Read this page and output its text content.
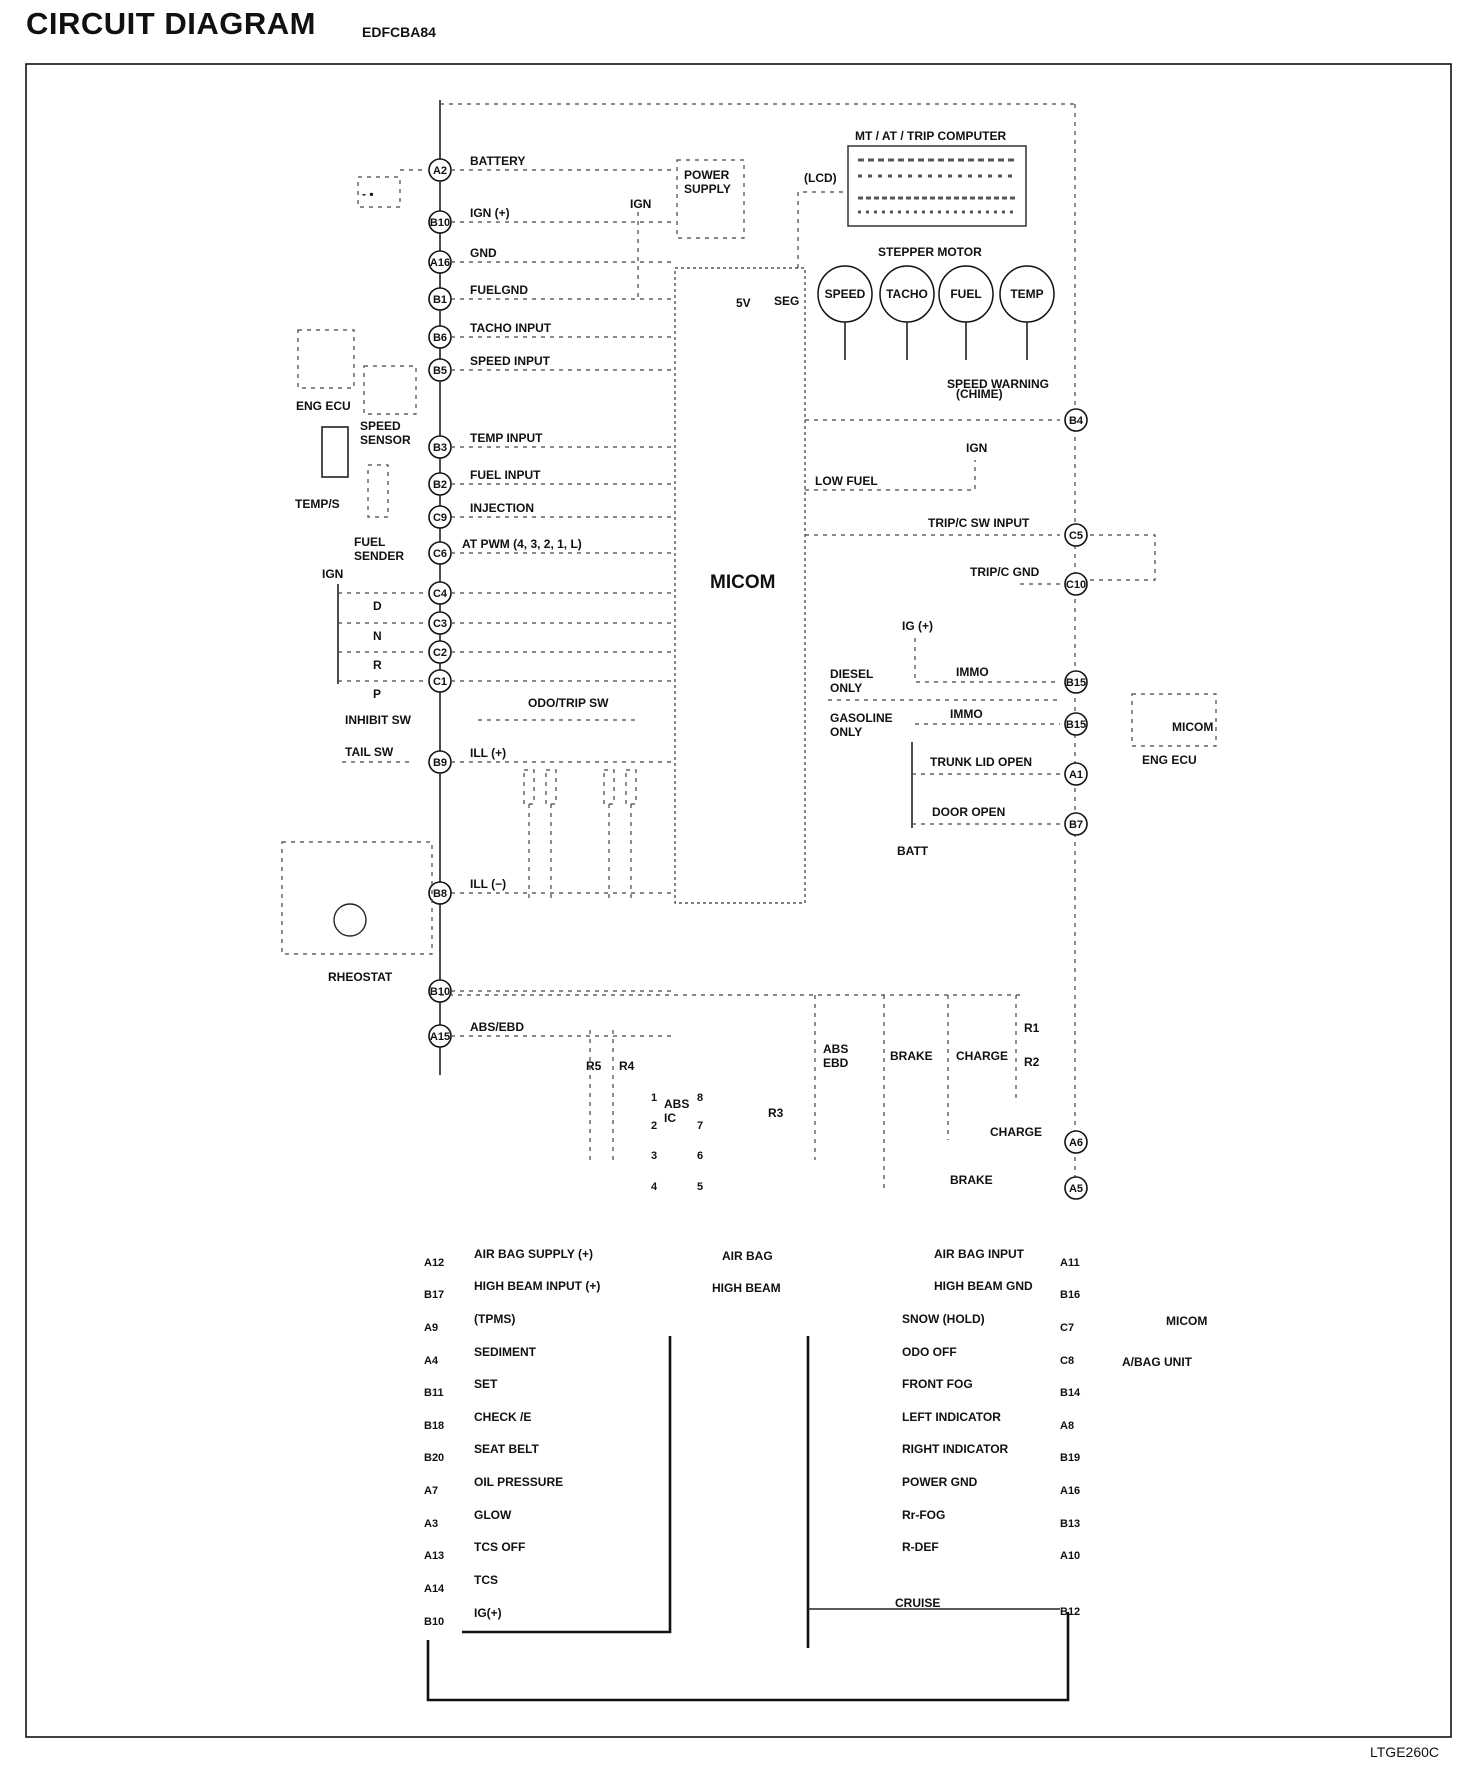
CIRCUIT DIAGRAM	EDFCBA84
LTGE260C
MICOM
5V SEG
POWER
SUPPLY
(LCD)
IGN
MT / AT / TRIP COMPUTER
STEPPER MOTOR
SPEED TACHO FUEL TEMP
A2
BATTERY
B10
IGN (+)
A16
GND
B1
FUELGND
B6
TACHO INPUT
B5
SPEED INPUT
B3
TEMP INPUT
B2
FUEL INPUT
C9
INJECTION
C6
AT PWM (4, 3, 2, 1, L)
C4
C3
C2
C1
B9
ILL (+)
B8
ILL (−)
B10
A15
ABS/EBD
B4
SPEED WARNING
C5
TRIP/C SW INPUT
C10
TRIP/C GND
B15
IMMO
B15
IMMO
A1
TRUNK LID OPEN
B7
DOOR OPEN
A6
CHARGE
A5
BRAKE
- ▪
ENG ECU
SPEED
SENSOR
TEMP/S
FUEL
SENDER
IGN
D
N
R
P
INHIBIT SW
TAIL SW
ODO/TRIP SW
RHEOSTAT
(CHIME)
IGN
LOW FUEL
IG (+)
DIESEL
ONLY
GASOLINE
ONLY	MICOM
ENG ECU
BATT
R1
R2
R3
R4
R5
ABS
EBD	BRAKE CHARGE
ABS
IC
1
2
3
4
8
7
6
5
AIR BAG
HIGH BEAM
MICOM
A/BAG UNIT
A12
AIR BAG SUPPLY (+)
B17
HIGH BEAM INPUT (+)
A9
(TPMS)
A4
SEDIMENT
B11
SET
B18
CHECK /E
B20
SEAT BELT
A7
OIL PRESSURE
A3
GLOW
A13
TCS OFF
A14
TCS
B10
IG(+)
A11
AIR BAG INPUT
B16
HIGH BEAM GND
C7
SNOW (HOLD)
C8
ODO OFF
B14
FRONT FOG
A8
LEFT INDICATOR
B19
RIGHT INDICATOR
A16
POWER GND
B13
Rr-FOG
A10
R-DEF
B12
CRUISE
